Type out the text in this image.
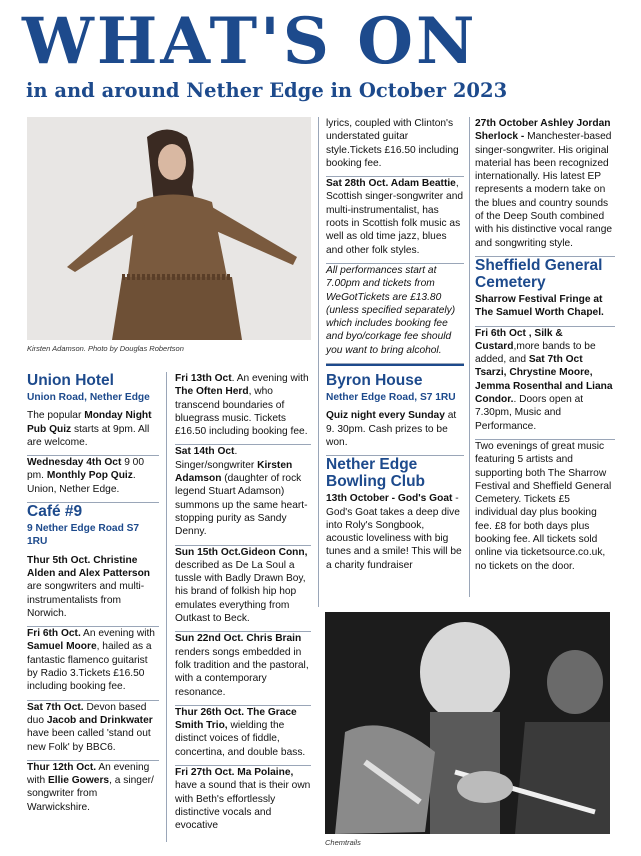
WHAT'S ON
in and around Nether Edge in October 2023
Kirsten Adamson. Photo by Douglas Robertson
Union Hotel
Union Road, Nether Edge

The popular Monday Night Pub Quiz starts at 9pm. All are welcome.

Wednesday 4th Oct 9 00 pm. Monthly Pop Quiz. Union, Nether Edge.

Café #9
9 Nether Edge Road S7 1RU

Thur 5th Oct. Christine Alden and Alex Patterson are songwriters and multi-instrumentalists from Norwich.

Fri 6th Oct. An evening with Samuel Moore, hailed as a fantastic flamenco guitarist by Radio 3.Tickets £16.50 including booking fee.

Sat 7th Oct. Devon based duo Jacob and Drinkwater have been called 'stand out new Folk' by BBC6.

Thur 12th Oct. An evening with Ellie Gowers, a singer/ songwriter from Warwickshire.

Fri 13th Oct. An evening with The Often Herd, who transcend boundaries of bluegrass music. Tickets £16.50 including booking fee.

Sat 14th Oct. Singer/songwriter Kirsten Adamson (daughter of rock legend Stuart Adamson) summons up the same heart-stopping purity as Sandy Denny.

Sun 15th Oct.Gideon Conn, described as De La Soul a tussle with Badly Drawn Boy, his brand of folkish hip hop emulates everything from Outkast to Beck.

Sun 22nd Oct. Chris Brain renders songs embedded in folk tradition and the pastoral, with a contemporary resonance.

Thur 26th Oct. The Grace Smith Trio, wielding the distinct voices of fiddle, concertina, and double bass.

Fri 27th Oct. Ma Polaine, have a sound that is their own with Beth's effortlessly distinctive vocals and evocative

lyrics, coupled with Clinton's understated guitar style.Tickets £16.50 including booking fee.

Sat 28th Oct. Adam Beattie, Scottish singer-songwriter and multi-instrumentalist, has roots in Scottish folk music as well as old time jazz, blues and other folk styles.

All performances start at 7.00pm and tickets from WeGotTickets are £13.80 (unless specified separately) which includes booking fee and byo/corkage fee should you want to bring alcohol.

Byron House
Nether Edge Road, S7 1RU

Quiz night every Sunday at 9. 30pm. Cash prizes to be won.

Nether Edge Bowling Club

13th October - God's Goat - God's Goat takes a deep dive into Roly's Songbook, acoustic loveliness with big tunes and a smile! This will be a charity fundraiser

27th October Ashley Jordan Sherlock - Manchester-based singer-songwriter. His original material has been recognized internationally. His latest EP represents a modern take on the blues and country sounds of the Deep South combined with his distinctive vocal range and songwriting style.

Sheffield General Cemetery

Sharrow Festival Fringe at The Samuel Worth Chapel.

Fri 6th Oct , Silk & Custard,more bands to be added, and Sat 7th Oct Tsarzi, Chrystine Moore, Jemma Rosenthal and Liana Condor.. Doors open at 7.30pm, Music and Performance.

Two evenings of great music featuring 5 artists and supporting both The Sharrow Festival and Sheffield General Cemetery. Tickets £5 individual day plus booking fee. £8 for both days plus booking fee. All tickets sold online via ticketsource.co.uk, no tickets on the door.

Chemtrails
